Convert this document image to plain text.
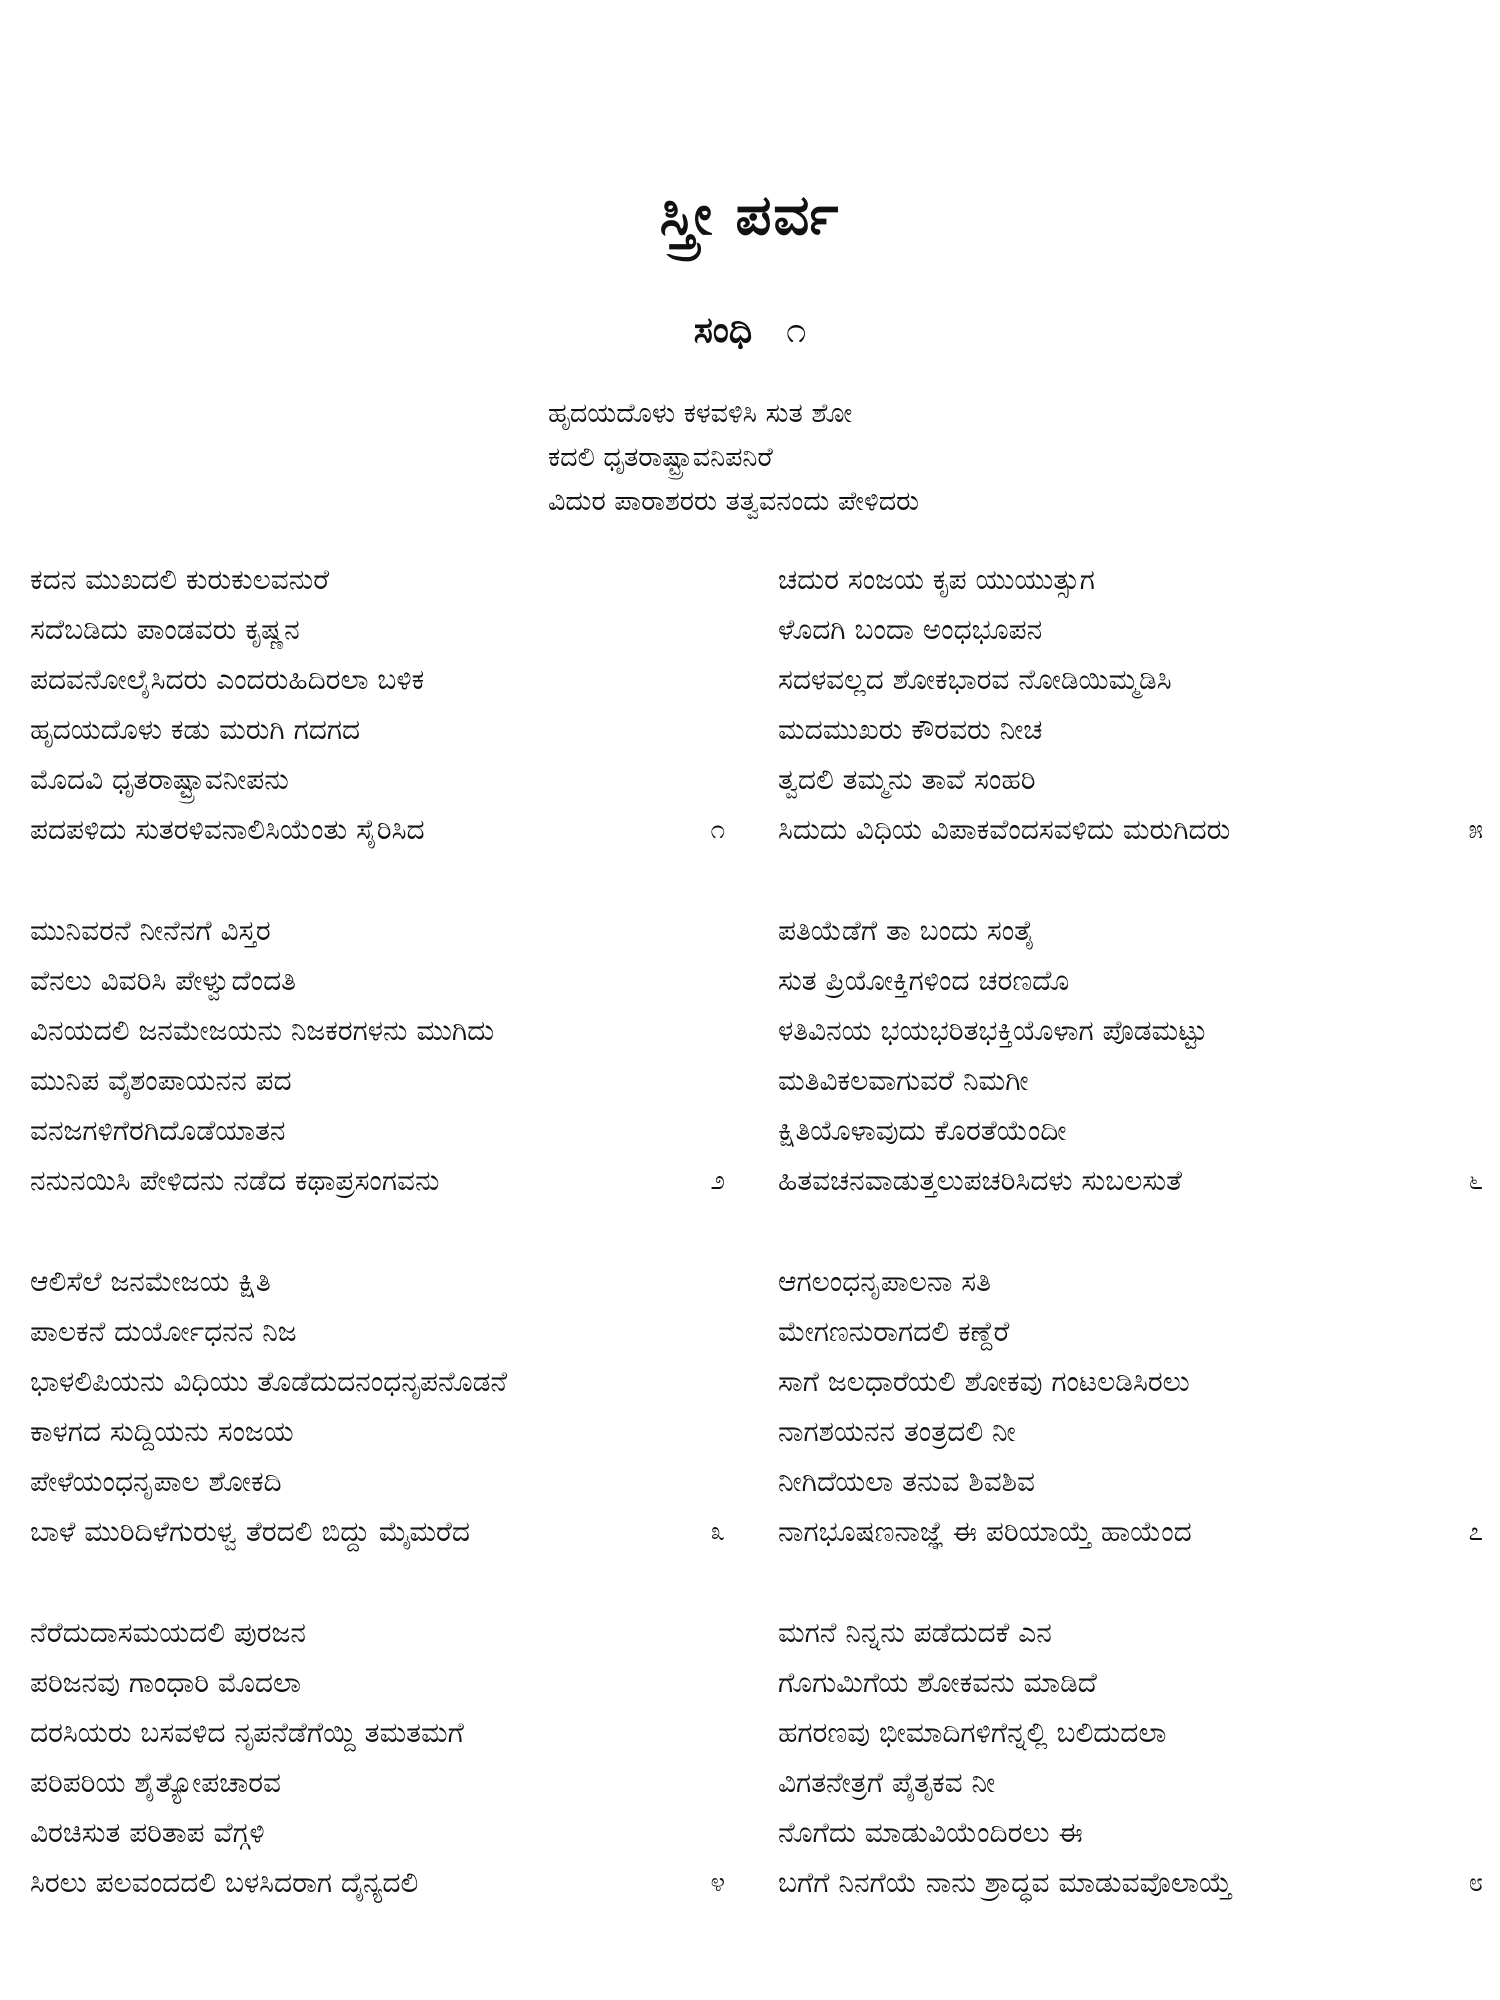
ಸ್ತ್ರೀ ಪರ್ವ
ಸಂಧಿ ೧
ಹೃದಯದೊಳು ಕಳವಳಿಸಿ ಸುತ ಶೋ
ಕದಲಿ ಧೃತರಾಷ್ಟ್ರಾವನಿಪನಿರೆ
ವಿದುರ ಪಾರಾಶರರು ತತ್ವವನಂದು ಪೇಳಿದರು
ಕದನ ಮುಖದಲಿ ಕುರುಕುಲವನುರೆ
ಸದೆಬಡಿದು ಪಾಂಡವರು ಕೃಷ್ಣನ
ಪದವನೋಲೈಸಿದರು ಎಂದರುಹಿದಿರಲಾ ಬಳಿಕ
ಹೃದಯದೊಳು ಕಡು ಮರುಗಿ ಗದಗದ
ಮೊದವಿ ಧೃತರಾಷ್ಟ್ರಾವನೀಪನು
ಪದಪಳಿದು ಸುತರಳಿವನಾಲಿಸಿಯೆಂತು ಸೈರಿಸಿದ	೧
ಮುನಿವರನೆ ನೀನೆನಗೆ ವಿಸ್ತರ
ವೆನಲು ವಿವರಿಸಿ ಪೇಳ್ವುದೆಂದತಿ
ವಿನಯದಲಿ ಜನಮೇಜಯನು ನಿಜಕರಗಳನು ಮುಗಿದು
ಮುನಿಪ ವೈಶಂಪಾಯನನ ಪದ
ವನಜಗಳಿಗೆರಗಿದೊಡೆಯಾತನ
ನನುನಯಿಸಿ ಪೇಳಿದನು ನಡೆದ ಕಥಾಪ್ರಸಂಗವನು	೨
ಆಲಿಸೆಲೆ ಜನಮೇಜಯ ಕ್ಷಿತಿ
ಪಾಲಕನೆ ದುರ್ಯೋಧನನ ನಿಜ
ಭಾಳಲಿಪಿಯನು ವಿಧಿಯು ತೊಡೆದುದನಂಧನೃಪನೊಡನೆ
ಕಾಳಗದ ಸುದ್ದಿಯನು ಸಂಜಯ
ಪೇಳೆಯಂಧನೃಪಾಲ ಶೋಕದಿ
ಬಾಳೆ ಮುರಿದಿಳೆಗುರುಳ್ವ ತೆರದಲಿ ಬಿದ್ದು ಮೈಮರೆದ	೩
ನೆರೆದುದಾಸಮಯದಲಿ ಪುರಜನ
ಪರಿಜನವು ಗಾಂಧಾರಿ ಮೊದಲಾ
ದರಸಿಯರು ಬಸವಳಿದ ನೃಪನೆಡೆಗೆಯ್ದಿ ತಮತಮಗೆ
ಪರಿಪರಿಯ ಶೈತ್ಯೋಪಚಾರವ
ವಿರಚಿಸುತ ಪರಿತಾಪ ವೆಗ್ಗಳಿ
ಸಿರಲು ಪಲವಂದದಲಿ ಬಳಸಿದರಾಗ ದೈನ್ಯದಲಿ	೪
ಚದುರ ಸಂಜಯ ಕೃಪ ಯುಯುತ್ಸುಗ
ಳೊದಗಿ ಬಂದಾ ಅಂಧಭೂಪನ
ಸದಳವಲ್ಲದ ಶೋಕಭಾರವ ನೋಡಿಯಿಮ್ಮಡಿಸಿ
ಮದಮುಖರು ಕೌರವರು ನೀಚ
ತ್ವದಲಿ ತಮ್ಮನು ತಾವೆ ಸಂಹರಿ
ಸಿದುದು ವಿಧಿಯ ವಿಪಾಕವೆಂದಸವಳಿದು ಮರುಗಿದರು	೫
ಪತಿಯೆಡೆಗೆ ತಾ ಬಂದು ಸಂತೈ
ಸುತ ಪ್ರಿಯೋಕ್ತಿಗಳಿಂದ ಚರಣದೊ
ಳತಿವಿನಯ ಭಯಭರಿತಭಕ್ತಿಯೊಳಾಗ ಪೊಡಮಟ್ಟು
ಮತಿವಿಕಲವಾಗುವರೆ ನಿಮಗೀ
ಕ್ಷಿತಿಯೊಳಾವುದು ಕೊರತೆಯೆಂದೀ
ಹಿತವಚನವಾಡುತ್ತಲುಪಚರಿಸಿದಳು ಸುಬಲಸುತೆ	೬
ಆಗಲಂಧನೃಪಾಲನಾ ಸತಿ
ಮೇಗಣನುರಾಗದಲಿ ಕಣ್ದೆರೆ
ಸಾಗೆ ಜಲಧಾರೆಯಲಿ ಶೋಕವು ಗಂಟಲಡಿಸಿರಲು
ನಾಗಶಯನನ ತಂತ್ರದಲಿ ನೀ
ನೀಗಿದೆಯಲಾ ತನುವ ಶಿವಶಿವ
ನಾಗಭೂಷಣನಾಜ್ಞೆ ಈ ಪರಿಯಾಯ್ತೆ ಹಾಯೆಂದ	೭
ಮಗನೆ ನಿನ್ನನು ಪಡೆದುದಕೆ ಎನ
ಗೊಗುಮಿಗೆಯ ಶೋಕವನು ಮಾಡಿದೆ
ಹಗರಣವು ಭೀಮಾದಿಗಳಿಗೆನ್ನಲ್ಲಿ ಬಲಿದುದಲಾ
ವಿಗತನೇತ್ರಗೆ ಪೈತೃಕವ ನೀ
ನೊಗೆದು ಮಾಡುವಿಯೆಂದಿರಲು ಈ
ಬಗೆಗೆ ನಿನಗೆಯೆ ನಾನು ಶ್ರಾದ್ಧವ ಮಾಡುವವೊಲಾಯ್ತೆ	೮
